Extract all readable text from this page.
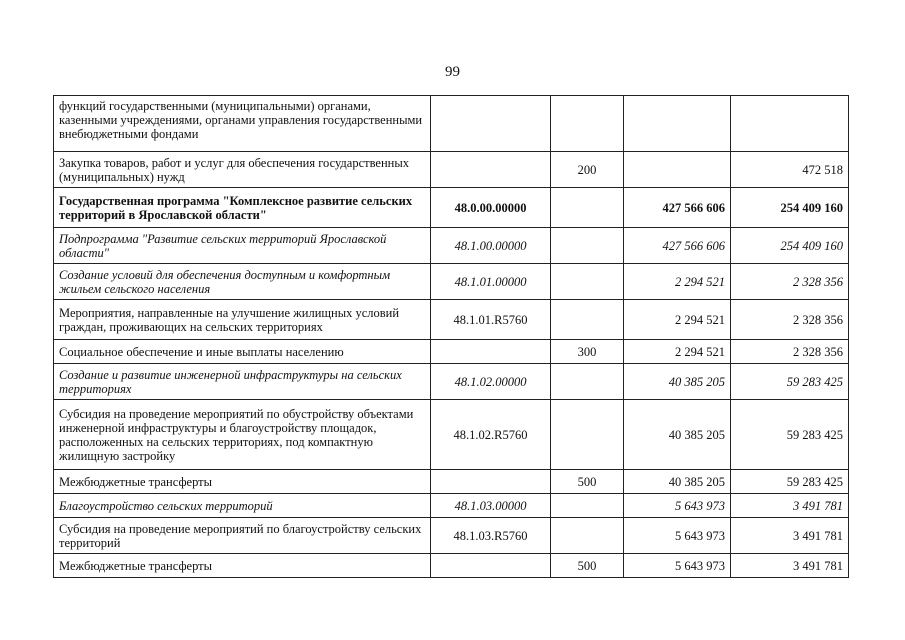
99
функций государственными (муниципальными) органами, казенными учреждениями, органами управления государственными внебюджетными фондами				
Закупка товаров, работ и услуг для обеспечения государственных (муниципальных) нужд		200		472 518
Государственная программа "Комплексное развитие сельских территорий в Ярославской области"	48.0.00.00000		427 566 606	254 409 160
Подпрограмма "Развитие сельских территорий Ярославской области"	48.1.00.00000		427 566 606	254 409 160
Создание условий для обеспечения доступным и комфортным жильем сельского населения	48.1.01.00000		2 294 521	2 328 356
Мероприятия, направленные на улучшение жилищных условий граждан, проживающих на сельских территориях	48.1.01.R5760		2 294 521	2 328 356
Социальное обеспечение и иные выплаты населению		300	2 294 521	2 328 356
Создание и развитие инженерной инфраструктуры на сельских территориях	48.1.02.00000		40 385 205	59 283 425
Субсидия на проведение мероприятий по обустройству объектами инженерной инфраструктуры и благоустройству площадок, расположенных на сельских территориях, под компактную жилищную застройку	48.1.02.R5760		40 385 205	59 283 425
Межбюджетные трансферты		500	40 385 205	59 283 425
Благоустройство сельских территорий	48.1.03.00000		5 643 973	3 491 781
Субсидия на проведение мероприятий по благоустройству сельских территорий	48.1.03.R5760		5 643 973	3 491 781
Межбюджетные трансферты		500	5 643 973	3 491 781
